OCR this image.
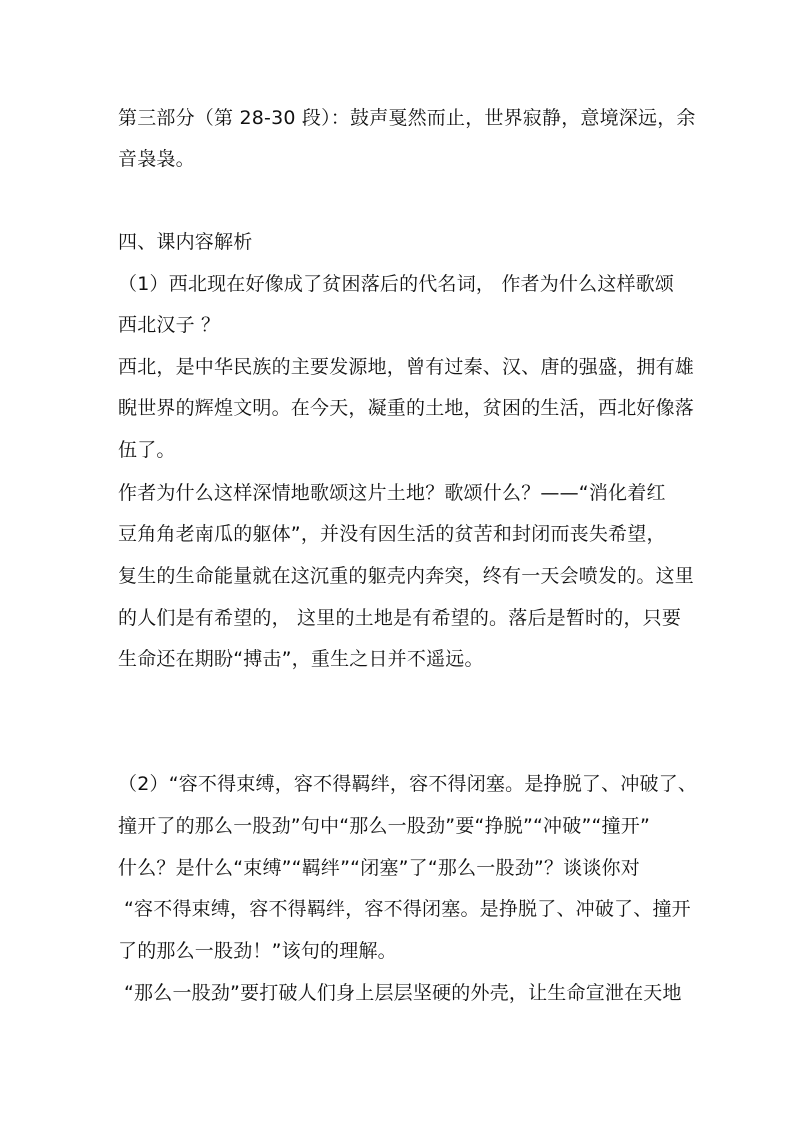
第三部分（第 28-30 段）：鼓声戛然而止，世界寂静，意境深远，余
音袅袅。
四、课内容解析
（1）西北现在好像成了贫困落后的代名词， 作者为什么这样歌颂
西北汉子 ？
西北，是中华民族的主要发源地，曾有过秦、汉、唐的强盛，拥有雄
睨世界的辉煌文明。在今天，凝重的土地，贫困的生活，西北好像落
伍了。
作者为什么这样深情地歌颂这片土地？歌颂什么？——“消化着红
豆角角老南瓜的躯体”，并没有因生活的贫苦和封闭而丧失希望，
复生的生命能量就在这沉重的躯壳内奔突，终有一天会喷发的。这里
的人们是有希望的， 这里的土地是有希望的。落后是暂时的，只要
生命还在期盼“搏击”，重生之日并不遥远。
（2）“容不得束缚，容不得羁绊，容不得闭塞。是挣脱了、冲破了、
撞开了的那么一股劲”句中“那么一股劲”要“挣脱”“冲破”“撞开”
什么？是什么“束缚”“羁绊”“闭塞”了“那么一股劲”？谈谈你对
“容不得束缚，容不得羁绊，容不得闭塞。是挣脱了、冲破了、撞开
了的那么一股劲！”该句的理解。
“那么一股劲”要打破人们身上层层坚硬的外壳，让生命宣泄在天地
